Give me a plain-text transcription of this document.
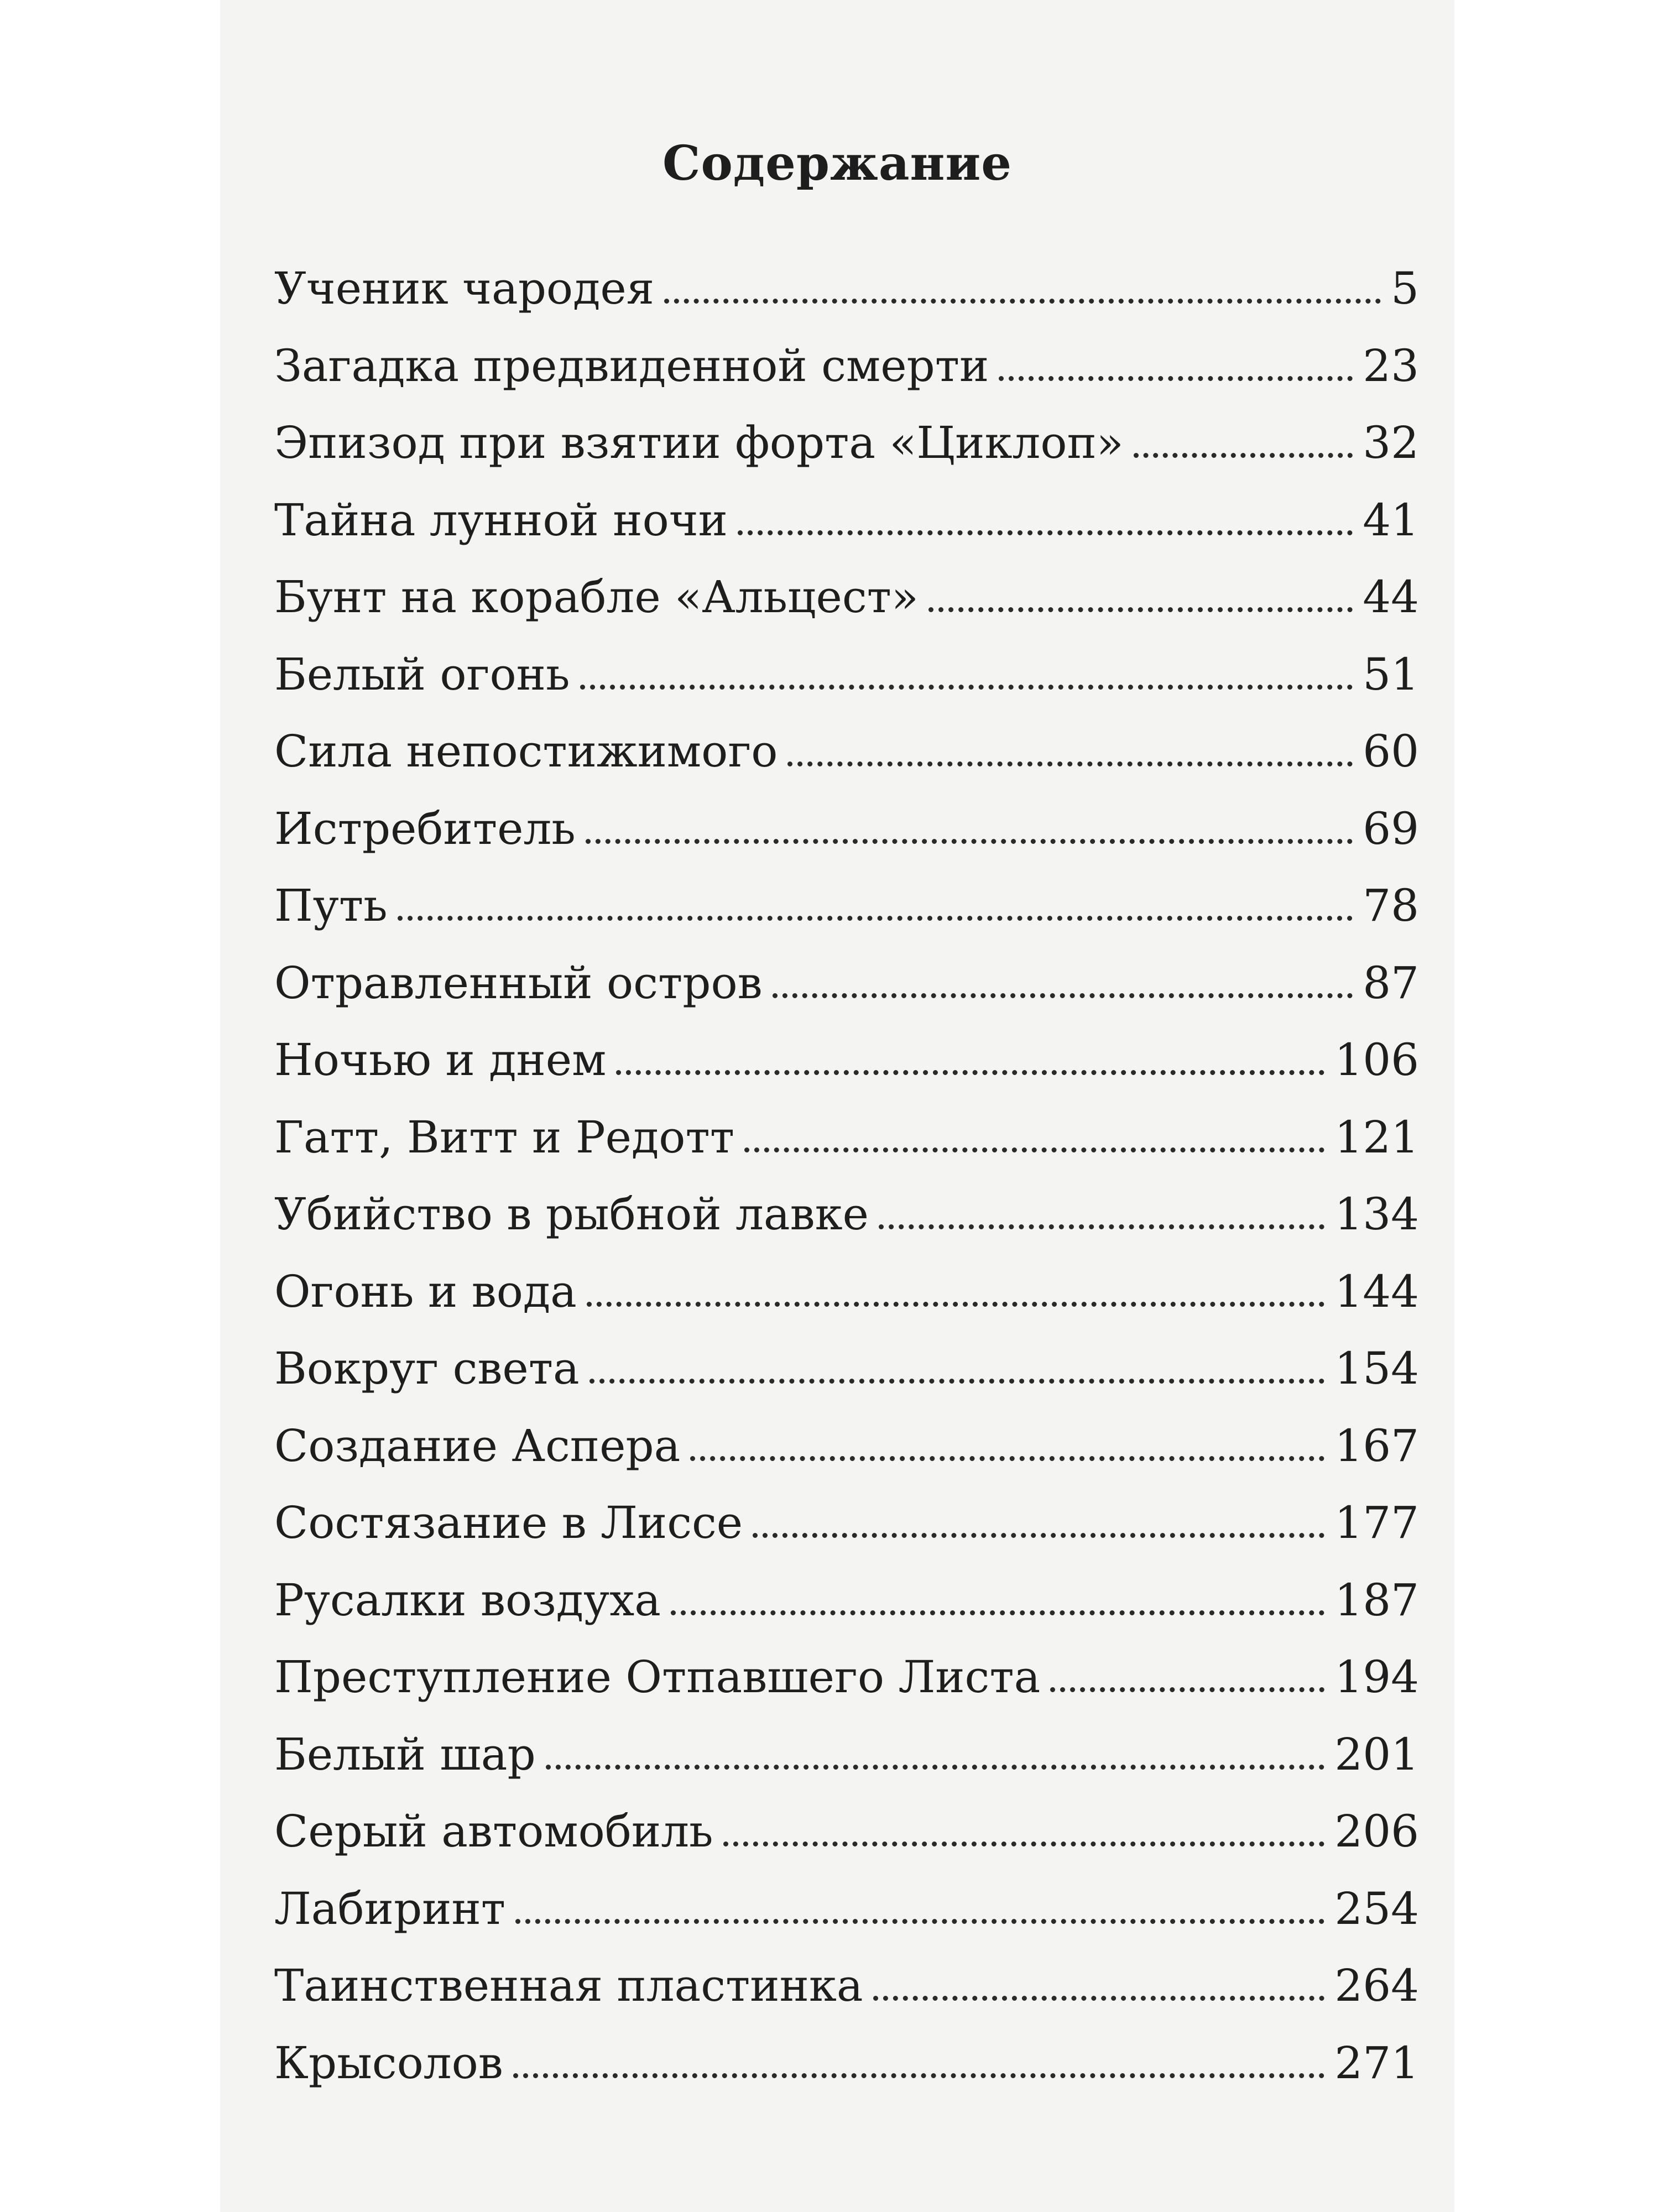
Содержание
Ученик чародея	5
Загадка предвиденной смерти	23
Эпизод при взятии форта «Циклоп»	32
Тайна лунной ночи	41
Бунт на корабле «Альцест»	44
Белый огонь	51
Сила непостижимого	60
Истребитель	69
Путь	78
Отравленный остров	87
Ночью и днем	106
Гатт, Витт и Редотт	121
Убийство в рыбной лавке	134
Огонь и вода	144
Вокруг света	154
Создание Аспера	167
Состязание в Лиссе	177
Русалки воздуха	187
Преступление Отпавшего Листа	194
Белый шар	201
Серый автомобиль	206
Лабиринт	254
Таинственная пластинка	264
Крысолов	271
